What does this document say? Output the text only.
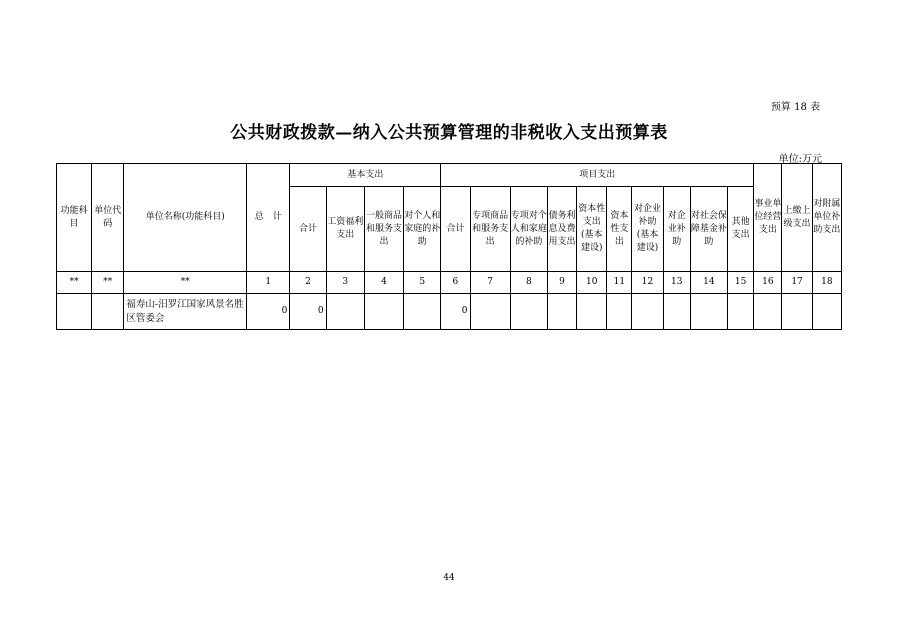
预算 18 表
公共财政拨款—纳入公共预算管理的非税收入支出预算表
单位:万元
功能科目	单位代码	单位名称(功能科目)	总　计	基本支出				项目支出										事业单位经营支出	上缴上级支出	对附属单位补助支出
				合计	工资福利支出	一般商品和服务支出	对个人和家庭的补助	合计	专项商品和服务支出	专项对个人和家庭的补助	债务利息及费用支出	资本性支出(基本建设)	资本性支出	对企业补助(基本建设)	对企业补助	对社会保障基金补助	其他支出			
**	**	**	1	2	3	4	5	6	7	8	9	10	11	12	13	14	15	16	17	18
		福寿山-汨罗江国家风景名胜区管委会	0	0				0												
44
